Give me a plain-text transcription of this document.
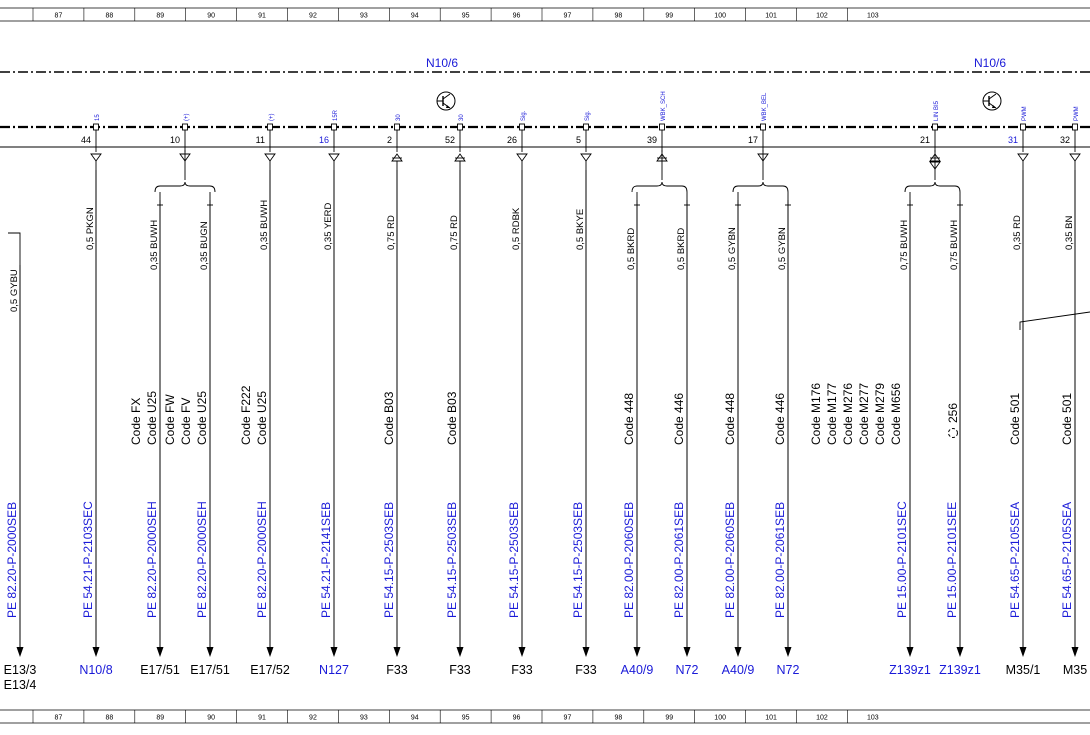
87	88	89	90	91	92	93	94	95	96	97	98	99	100	101	102	103
87	88	89	90	91	92	93	94	95	96	97	98	99	100	101	102	103
N10/6	N10/6
15
44
(+)
10
(+)
11
15R
16
30
2
30
52
Sig.
26
Sig.
5
WBK_SCH
39
WBK_BEL
17
LIN BI5
21
PWM
31
PWM
32
0,5 GYBU
PE 82.20-P-2000SEB
E13/3
E13/4
0,5 PKGN
PE 54.21-P-2103SEC
N10/8
0,35 BUWH
Code U25
Code FX
PE 82.20-P-2000SEH
E17/51
0,35 BUGN
Code U25
Code FV
Code FW
PE 82.20-P-2000SEH
E17/51
0,35 BUWH
Code U25
Code F222
PE 82.20-P-2000SEH
E17/52
0,35 YERD
PE 54.21-P-2141SEB
N127
0,75 RD
Code B03
PE 54.15-P-2503SEB
F33
0,75 RD
Code B03
PE 54.15-P-2503SEB
F33
0,5 RDBK
PE 54.15-P-2503SEB
F33
0,5 BKYE
PE 54.15-P-2503SEB
F33
0,5 BKRD
Code 448
PE 82.00-P-2060SEB
A40/9
0,5 BKRD
Code 446
PE 82.00-P-2061SEB
N72
0,5 GYBN
Code 448
PE 82.00-P-2060SEB
A40/9
0,5 GYBN
Code 446
PE 82.00-P-2061SEB
N72
0,75 BUWH
PE 15.00-P-2101SEC
Z139z1
0,75 BUWH
256
PE 15.00-P-2101SEE
Z139z1
0,35 RD
Code 501
PE 54.65-P-2105SEA
M35/1
0,35 BN
Code 501
PE 54.65-P-2105SEA
M35
Code M176 Code M177 Code M276 Code M277 Code M279 Code M656
